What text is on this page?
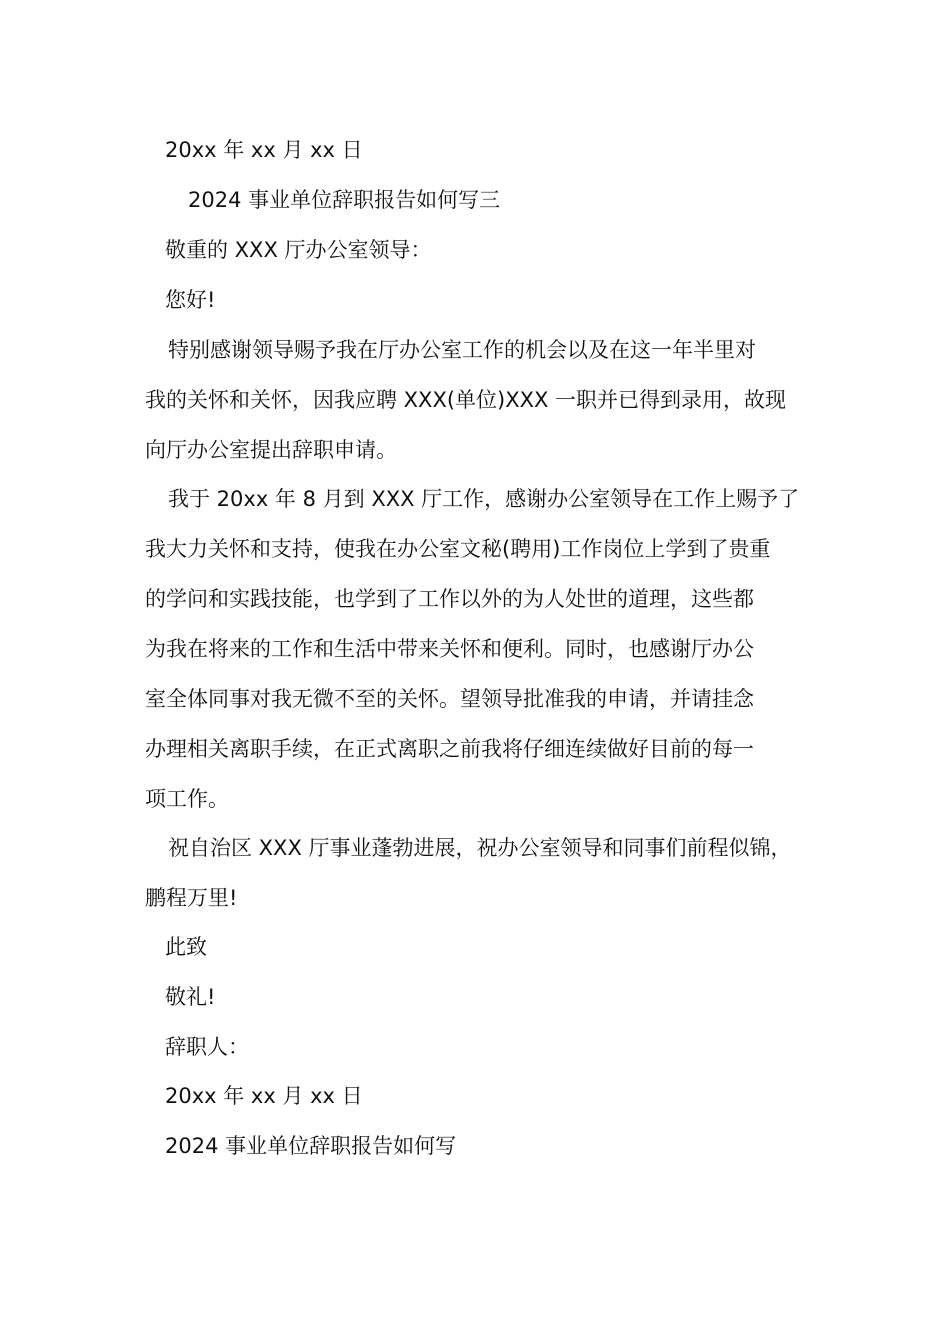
20xx 年 xx 月 xx 日
2024 事业单位辞职报告如何写三
敬重的 XXX 厅办公室领导：
您好!
特别感谢领导赐予我在厅办公室工作的机会以及在这一年半里对
我的关怀和关怀，因我应聘 XXX(单位)XXX 一职并已得到录用，故现
向厅办公室提出辞职申请。
我于 20xx 年 8 月到 XXX 厅工作，感谢办公室领导在工作上赐予了
我大力关怀和支持，使我在办公室文秘(聘用)工作岗位上学到了贵重
的学问和实践技能，也学到了工作以外的为人处世的道理，这些都
为我在将来的工作和生活中带来关怀和便利。同时，也感谢厅办公
室全体同事对我无微不至的关怀。望领导批准我的申请，并请挂念
办理相关离职手续，在正式离职之前我将仔细连续做好目前的每一
项工作。
祝自治区 XXX 厅事业蓬勃进展，祝办公室领导和同事们前程似锦，
鹏程万里!
此致
敬礼!
辞职人：
20xx 年 xx 月 xx 日
2024 事业单位辞职报告如何写
